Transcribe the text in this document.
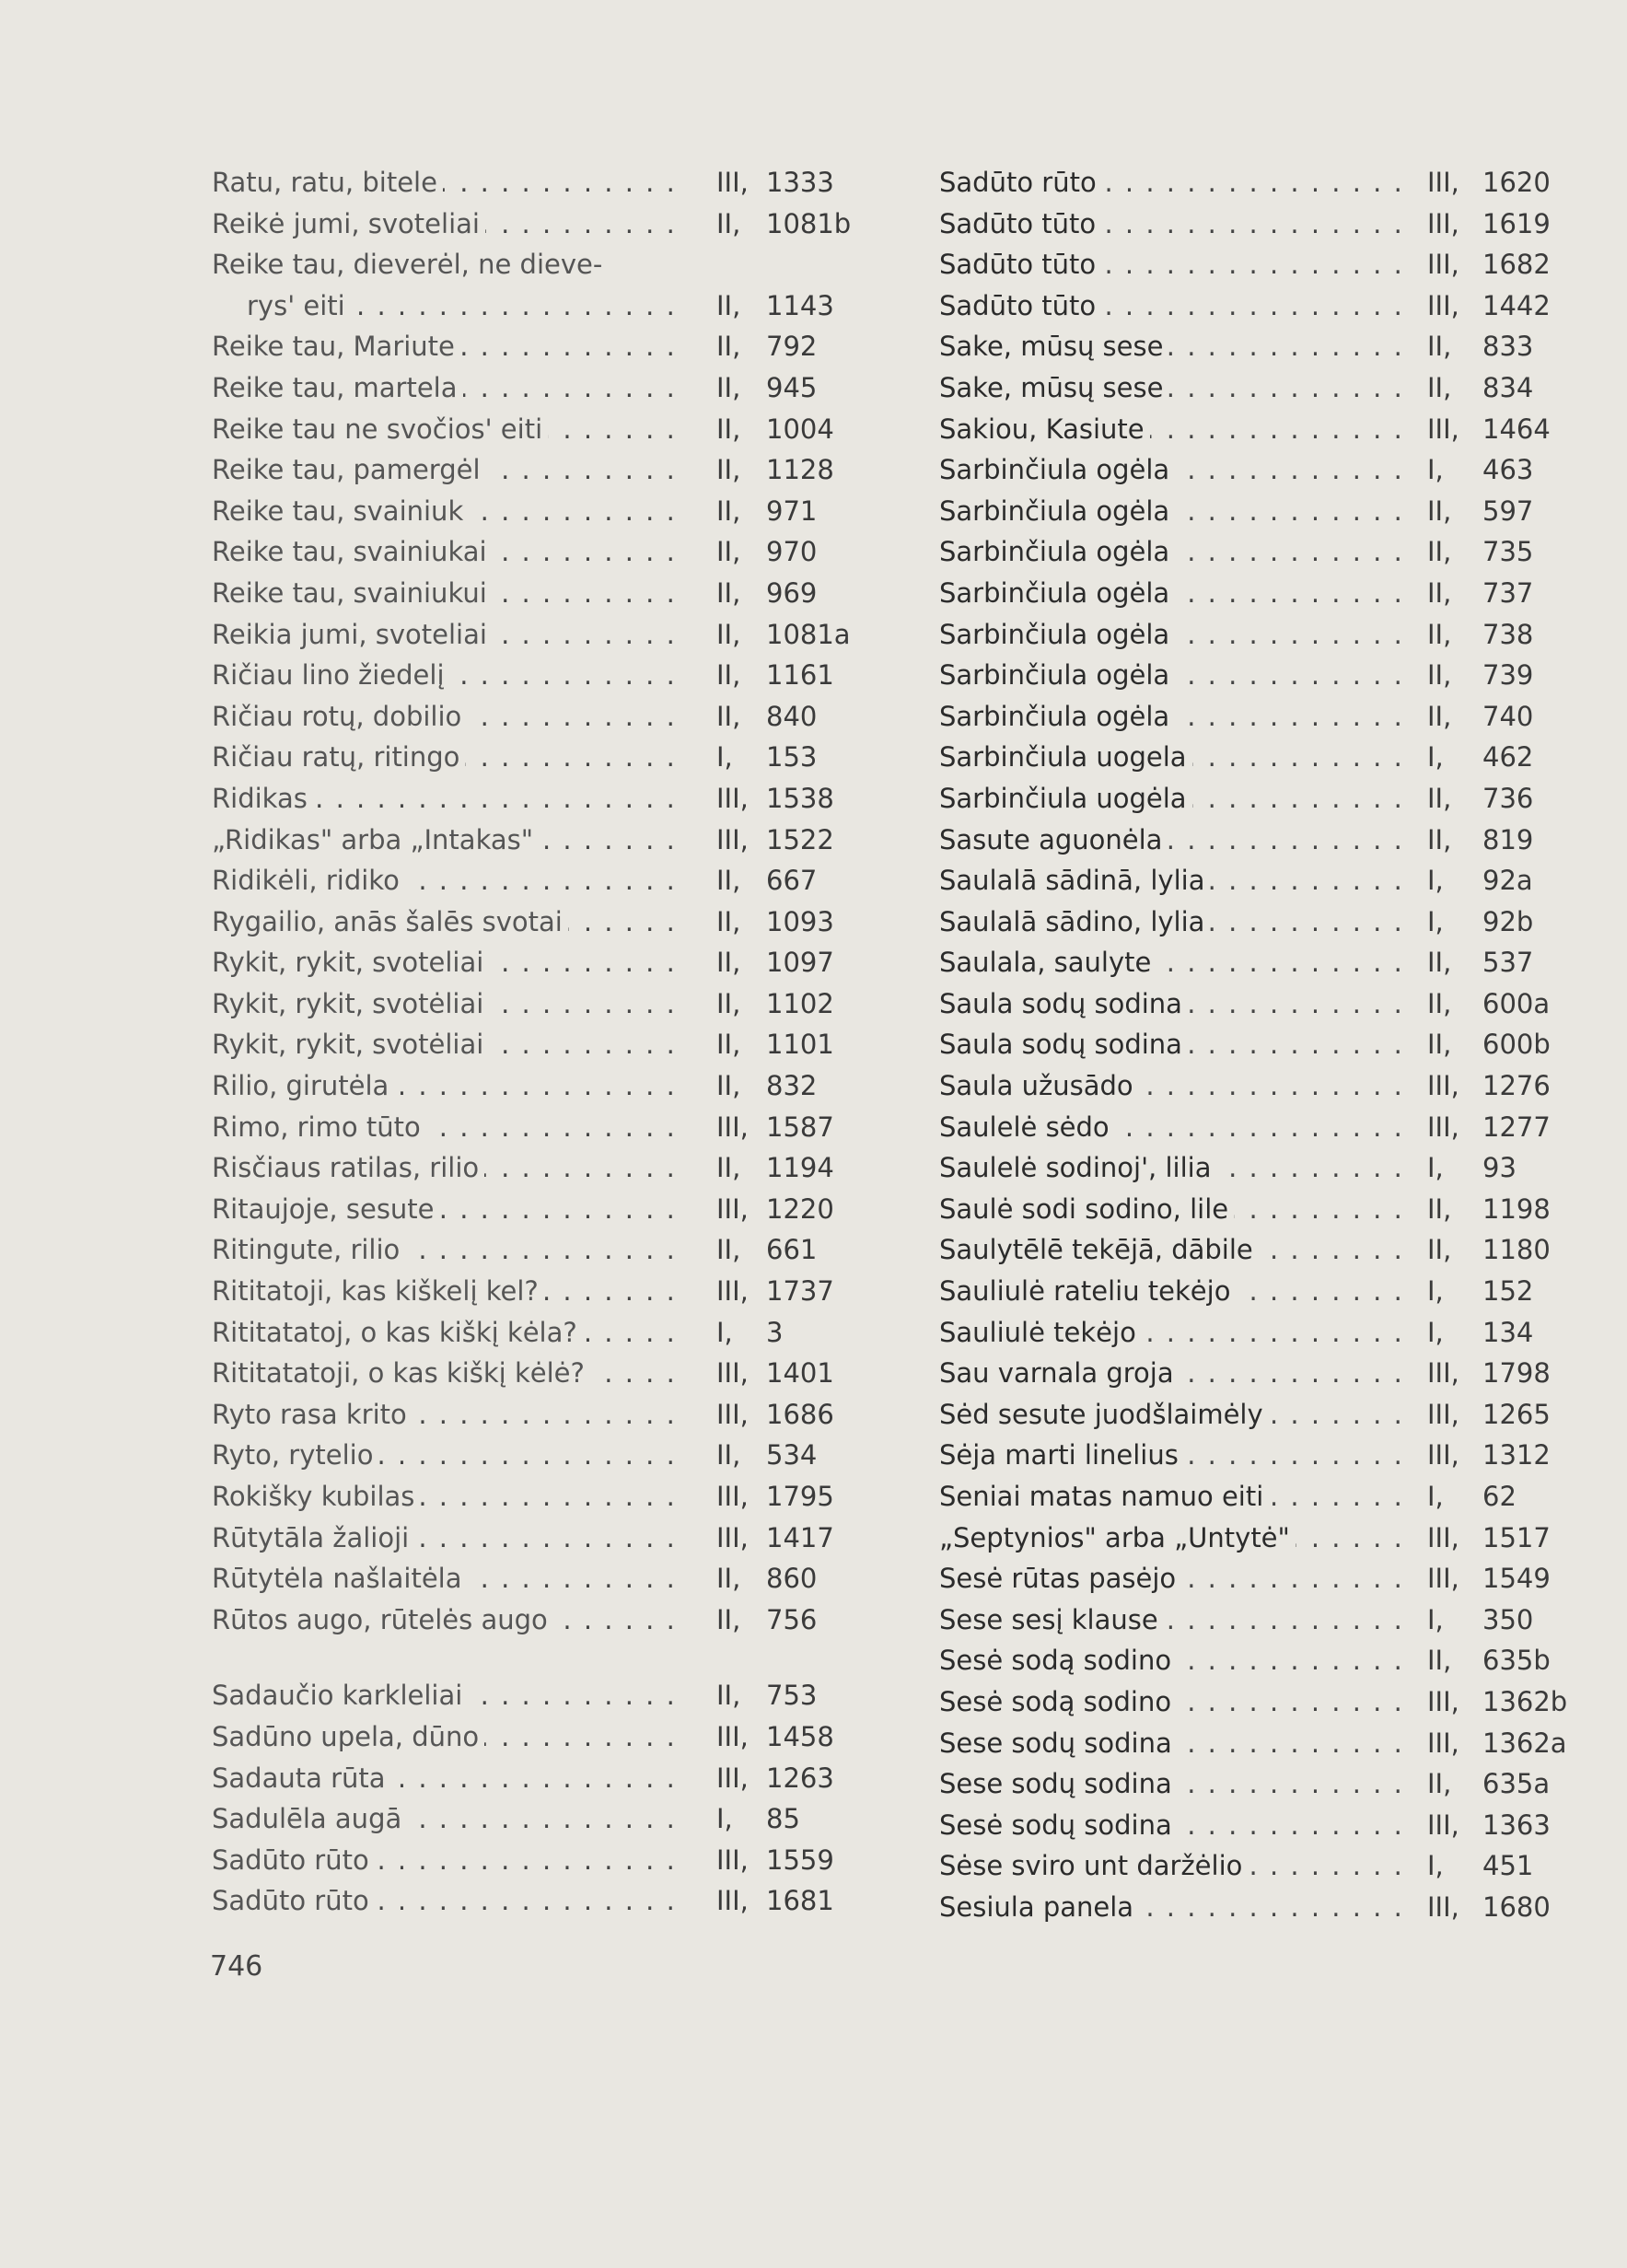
Ratu, ratu, bitele . . .	III, 1333
Reikė jumi, svoteliai . . .	II, 1081b
Reike tau, dieverėl, ne dieve-
rys' eiti . . .	II, 1143
Reike tau, Mariute . . .	II, 792
Reike tau, martela . . .	II, 945
Reike tau ne svočios' eiti . . .	II, 1004
Reike tau, pamergėl . . .	II, 1128
Reike tau, svainiuk . . .	II, 971
Reike tau, svainiukai . . .	II, 970
Reike tau, svainiukui . . .	II, 969
Reikia jumi, svoteliai . . .	II, 1081a
Ričiau lino žiedelį . . .	II, 1161
Ričiau rotų, dobilio . . .	II, 840
Ričiau ratų, ritingo . . .	I,	153
Ridikas . . .	III, 1538
„Ridikas" arba „Intakas" . . .	III, 1522
Ridikėli, ridiko . . .	II, 667
Rygailio, anās šalēs svotai . . .	II, 1093
Rykit, rykit, svoteliai . . .	II, 1097
Rykit, rykit, svotėliai . . .	II, 1102
Rykit, rykit, svotėliai . . .	II, 1101
Rilio, girutėla . . .	II, 832
Rimo, rimo tūto . . .	III, 1587
Risčiaus ratilas, rilio . . .	II, 1194
Ritaujoje, sesute . . .	III, 1220
Ritingute, rilio . . .	II, 661
Rititatoji, kas kiškelį kel? . . .	III, 1737
Rititatatoj, o kas kiškį kėla? . . .	I,	3
Rititatatoji, o kas kiškį kėlė? . . .	III, 1401
Ryto rasa krito . . .	III, 1686
Ryto, rytelio . . .	II, 534
Rokišky kubilas . . .	III, 1795
Rūtytāla žalioji . . .	III, 1417
Rūtytėla našlaitėla . . .	II, 860
Rūtos augo, rūtelės augo . . .	II, 756
Sadaučio karkleliai . . .	II, 753
Sadūno upela, dūno . . .	III, 1458
Sadauta rūta . . .	III, 1263
Sadulēla augā . . .	I,	85
Sadūto rūto . . .	III, 1559
Sadūto rūto . . .	III, 1681
Sadūto rūto . . .	III, 1620
Sadūto tūto . . .	III, 1619
Sadūto tūto . . .	III, 1682
Sadūto tūto . . .	III, 1442
Sake, mūsų sese . . .	II,	833
Sake, mūsų sese . . .	II,	834
Sakiou, Kasiute . . .	III, 1464
Sarbinčiula ogėla . . .	I,	463
Sarbinčiula ogėla . . .	II,	597
Sarbinčiula ogėla . . .	II,	735
Sarbinčiula ogėla . . .	II,	737
Sarbinčiula ogėla . . .	II,	738
Sarbinčiula ogėla . . .	II,	739
Sarbinčiula ogėla . . .	II,	740
Sarbinčiula uogela . . .	I,	462
Sarbinčiula uogėla . . .	II,	736
Sasute aguonėla . . .	II,	819
Saulalā sādinā, lylia . . .	I,	92a
Saulalā sādino, lylia . . .	I,	92b
Saulala, saulyte . . .	II,	537
Saula sodų sodina . . .	II,	600a
Saula sodų sodina . . .	II,	600b
Saula užusādo . . .	III, 1276
Saulelė sėdo . . .	III, 1277
Saulelė sodinoj', lilia . . .	I,	93
Saulė sodi sodino, lile . . .	II,	1198
Saulytēlē tekējā, dābile . . .	II,	1180
Sauliulė rateliu tekėjo . . .	I,	152
Sauliulė tekėjo . . .	I,	134
Sau varnala groja . . .	III, 1798
Sėd sesute juodšlaimėly . . .	III, 1265
Sėja marti linelius . . .	III, 1312
Seniai matas namuo eiti . . .	I,	62
„Septynios" arba „Untytė" . . .	III, 1517
Sesė rūtas pasėjo . . .	III, 1549
Sese sesį klause . . .	I,	350
Sesė sodą sodino . . .	II,	635b
Sesė sodą sodino . . .	III, 1362b
Sese sodų sodina . . .	III, 1362a
Sese sodų sodina . . .	II,	635a
Sesė sodų sodina . . .	III, 1363
Sėse sviro unt daržėlio . . .	I,	451
Sesiula panela . . .	III, 1680
746
